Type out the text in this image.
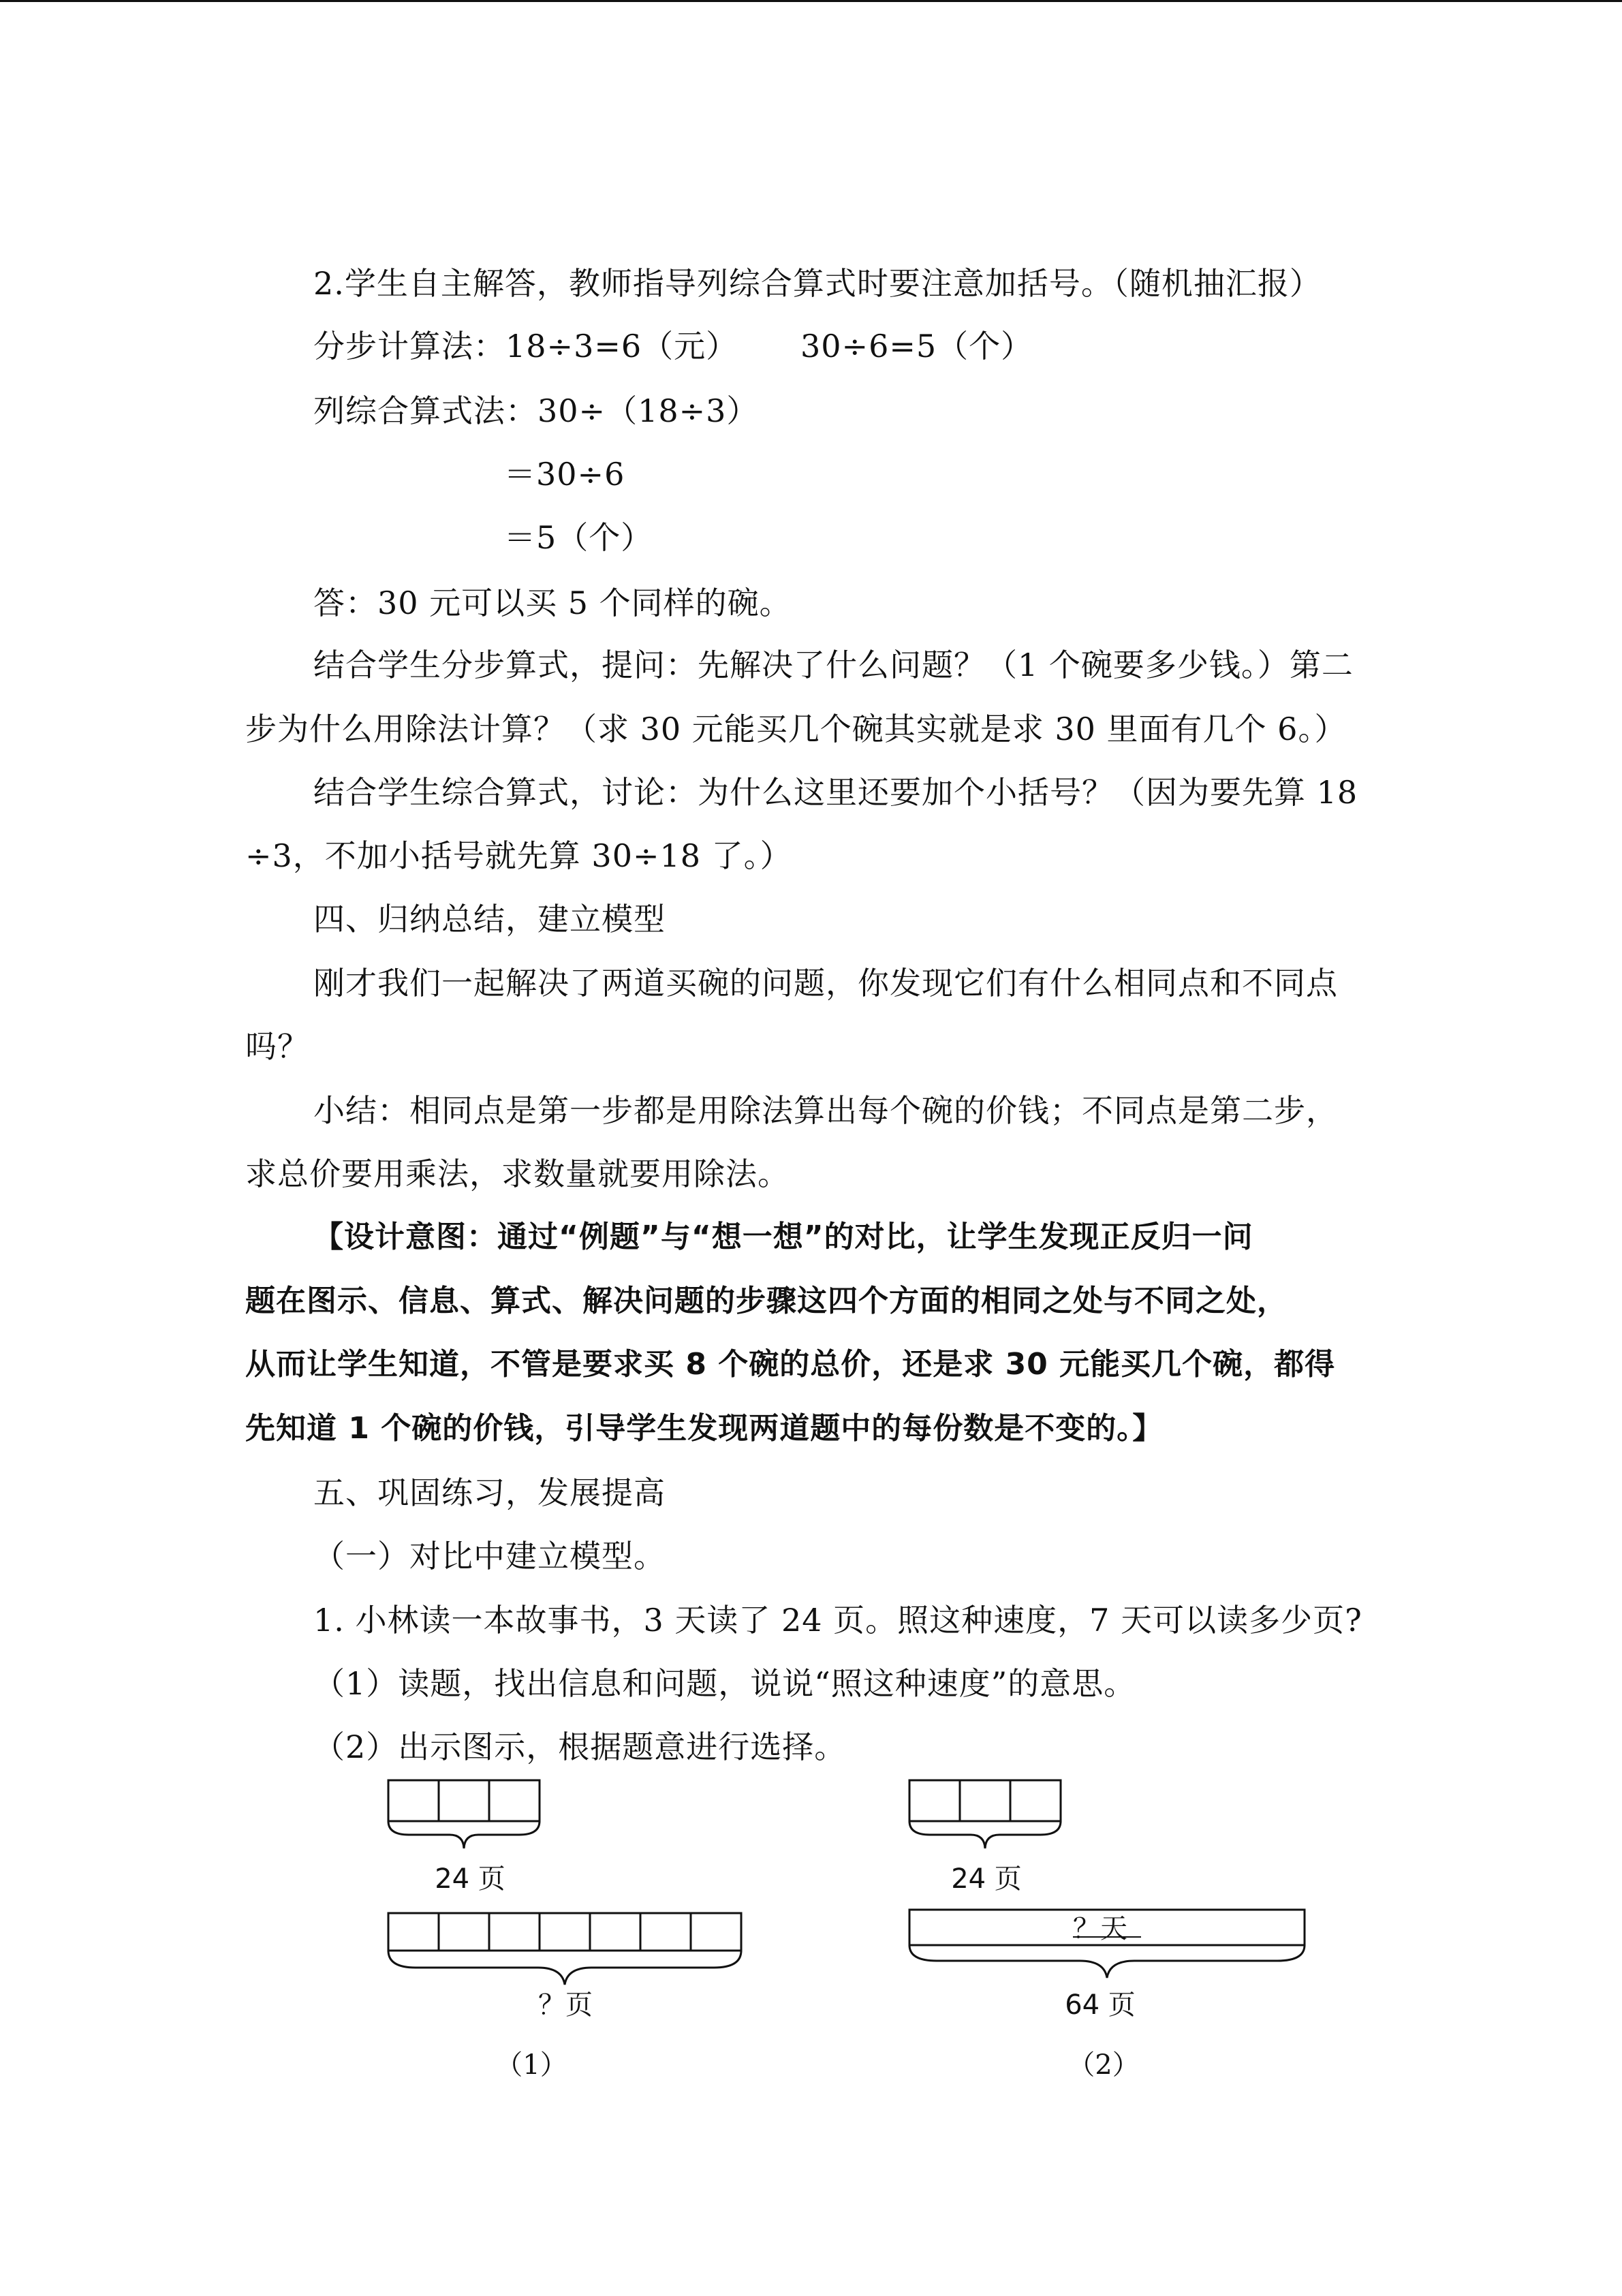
2.学生自主解答，教师指导列综合算式时要注意加括号。（随机抽汇报）
分步计算法：18÷3=6（元） 30÷6=5（个）
列综合算式法：30÷（18÷3）
＝30÷6
＝5（个）
答：30 元可以买 5 个同样的碗。
结合学生分步算式，提问：先解决了什么问题？（1 个碗要多少钱。）第二
步为什么用除法计算？（求 30 元能买几个碗其实就是求 30 里面有几个 6。）
结合学生综合算式，讨论：为什么这里还要加个小括号？（因为要先算 18
÷3，不加小括号就先算 30÷18 了。）
四、归纳总结，建立模型
刚才我们一起解决了两道买碗的问题，你发现它们有什么相同点和不同点
吗？
小结：相同点是第一步都是用除法算出每个碗的价钱；不同点是第二步，
求总价要用乘法，求数量就要用除法。
【设计意图：通过“例题”与“想一想”的对比，让学生发现正反归一问
题在图示、信息、算式、解决问题的步骤这四个方面的相同之处与不同之处，
从而让学生知道，不管是要求买 8 个碗的总价，还是求 30 元能买几个碗，都得
先知道 1 个碗的价钱，引导学生发现两道题中的每份数是不变的。】
五、巩固练习，发展提高
（一）对比中建立模型。
1. 小林读一本故事书，3 天读了 24 页。照这种速度，7 天可以读多少页?
（1）读题，找出信息和问题，说说“照这种速度”的意思。
（2）出示图示，根据题意进行选择。
24 页
？页
（1）
24 页
？天
64 页
（2）
